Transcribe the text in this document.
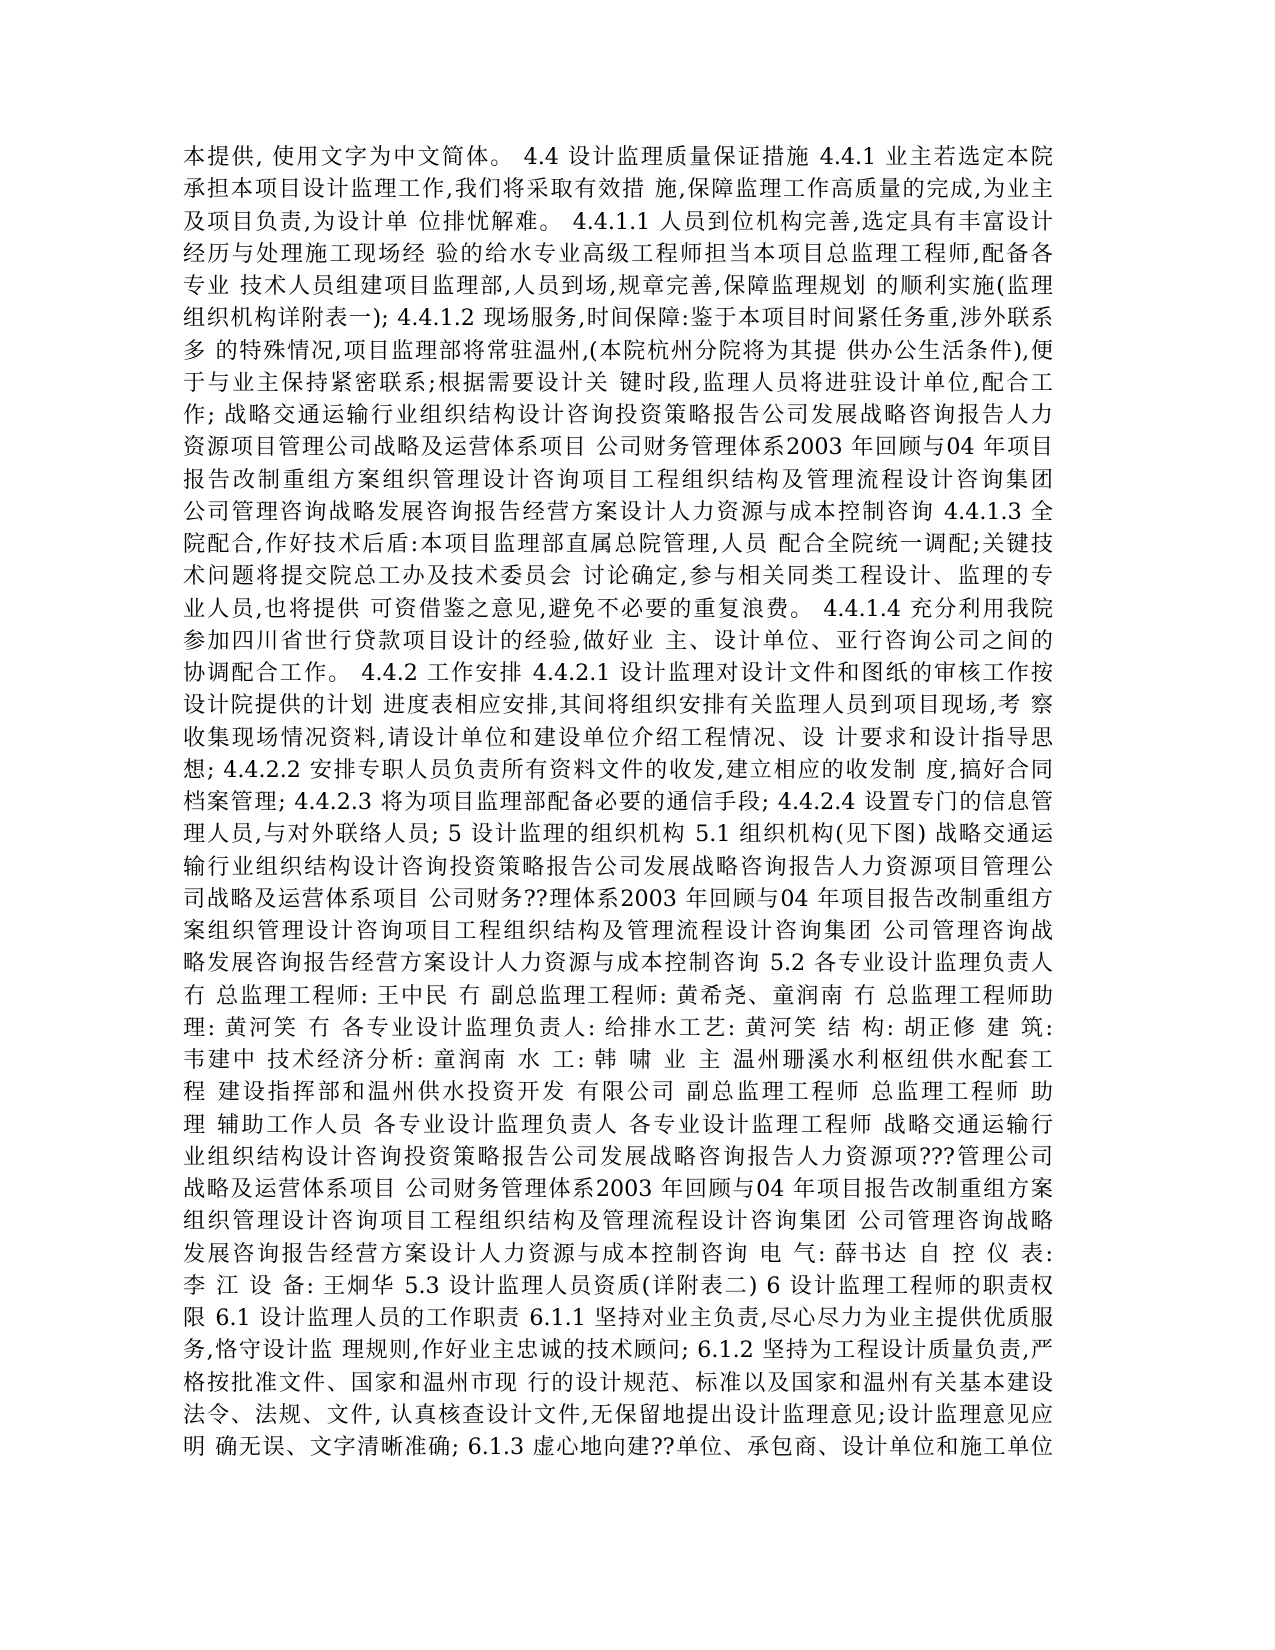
本提供, 使用文字为中文简体。 4.4 设计监理质量保证措施 4.4.1 业主若选定本院
承担本项目设计监理工作,我们将采取有效措 施,保障监理工作高质量的完成,为业主
及项目负责,为设计单 位排忧解难。 4.4.1.1 人员到位机构完善,选定具有丰富设计
经历与处理施工现场经 验的给水专业高级工程师担当本项目总监理工程师,配备各
专业 技术人员组建项目监理部,人员到场,规章完善,保障监理规划 的顺利实施(监理
组织机构详附表一); 4.4.1.2 现场服务,时间保障:鉴于本项目时间紧任务重,涉外联系
多 的特殊情况,项目监理部将常驻温州,(本院杭州分院将为其提 供办公生活条件),便
于与业主保持紧密联系;根据需要设计关 键时段,监理人员将进驻设计单位,配合工
作; 战略交通运输行业组织结构设计咨询投资策略报告公司发展战略咨询报告人力
资源项目管理公司战略及运营体系项目 公司财务管理体系2003 年回顾与04 年项目
报告改制重组方案组织管理设计咨询项目工程组织结构及管理流程设计咨询集团
公司管理咨询战略发展咨询报告经营方案设计人力资源与成本控制咨询 4.4.1.3 全
院配合,作好技术后盾:本项目监理部直属总院管理,人员 配合全院统一调配;关键技
术问题将提交院总工办及技术委员会 讨论确定,参与相关同类工程设计、监理的专
业人员,也将提供 可资借鉴之意见,避免不必要的重复浪费。 4.4.1.4 充分利用我院
参加四川省世行贷款项目设计的经验,做好业 主、设计单位、亚行咨询公司之间的
协调配合工作。 4.4.2 工作安排 4.4.2.1 设计监理对设计文件和图纸的审核工作按
设计院提供的计划 进度表相应安排,其间将组织安排有关监理人员到项目现场,考 察
收集现场情况资料,请设计单位和建设单位介绍工程情况、设 计要求和设计指导思
想; 4.4.2.2 安排专职人员负责所有资料文件的收发,建立相应的收发制 度,搞好合同
档案管理; 4.4.2.3 将为项目监理部配备必要的通信手段; 4.4.2.4 设置专门的信息管
理人员,与对外联络人员; 5 设计监理的组织机构 5.1 组织机构(见下图) 战略交通运
输行业组织结构设计咨询投资策略报告公司发展战略咨询报告人力资源项目管理公
司战略及运营体系项目 公司财务??理体系2003 年回顾与04 年项目报告改制重组方
案组织管理设计咨询项目工程组织结构及管理流程设计咨询集团 公司管理咨询战
略发展咨询报告经营方案设计人力资源与成本控制咨询 5.2 各专业设计监理负责人
冇 总监理工程师: 王中民 冇 副总监理工程师: 黄希尧、童润南 冇 总监理工程师助
理: 黄河笑 冇 各专业设计监理负责人: 给排水工艺: 黄河笑 结 构: 胡正修 建 筑:
韦建中 技术经济分析: 童润南 水 工: 韩 啸 业 主 温州珊溪水利枢纽供水配套工
程 建设指挥部和温州供水投资开发 有限公司 副总监理工程师 总监理工程师 助
理 辅助工作人员 各专业设计监理负责人 各专业设计监理工程师 战略交通运输行
业组织结构设计咨询投资策略报告公司发展战略咨询报告人力资源项???管理公司
战略及运营体系项目 公司财务管理体系2003 年回顾与04 年项目报告改制重组方案
组织管理设计咨询项目工程组织结构及管理流程设计咨询集团 公司管理咨询战略
发展咨询报告经营方案设计人力资源与成本控制咨询 电 气: 薛书达 自 控 仪 表:
李 江 设 备: 王炯华 5.3 设计监理人员资质(详附表二) 6 设计监理工程师的职责权
限 6.1 设计监理人员的工作职责 6.1.1 坚持对业主负责,尽心尽力为业主提供优质服
务,恪守设计监 理规则,作好业主忠诚的技术顾问; 6.1.2 坚持为工程设计质量负责,严
格按批准文件、国家和温州市现 行的设计规范、标准以及国家和温州有关基本建设
法令、法规、文件, 认真核查设计文件,无保留地提出设计监理意见;设计监理意见应
明 确无误、文字清晰准确; 6.1.3 虚心地向建??单位、承包商、设计单位和施工单位
